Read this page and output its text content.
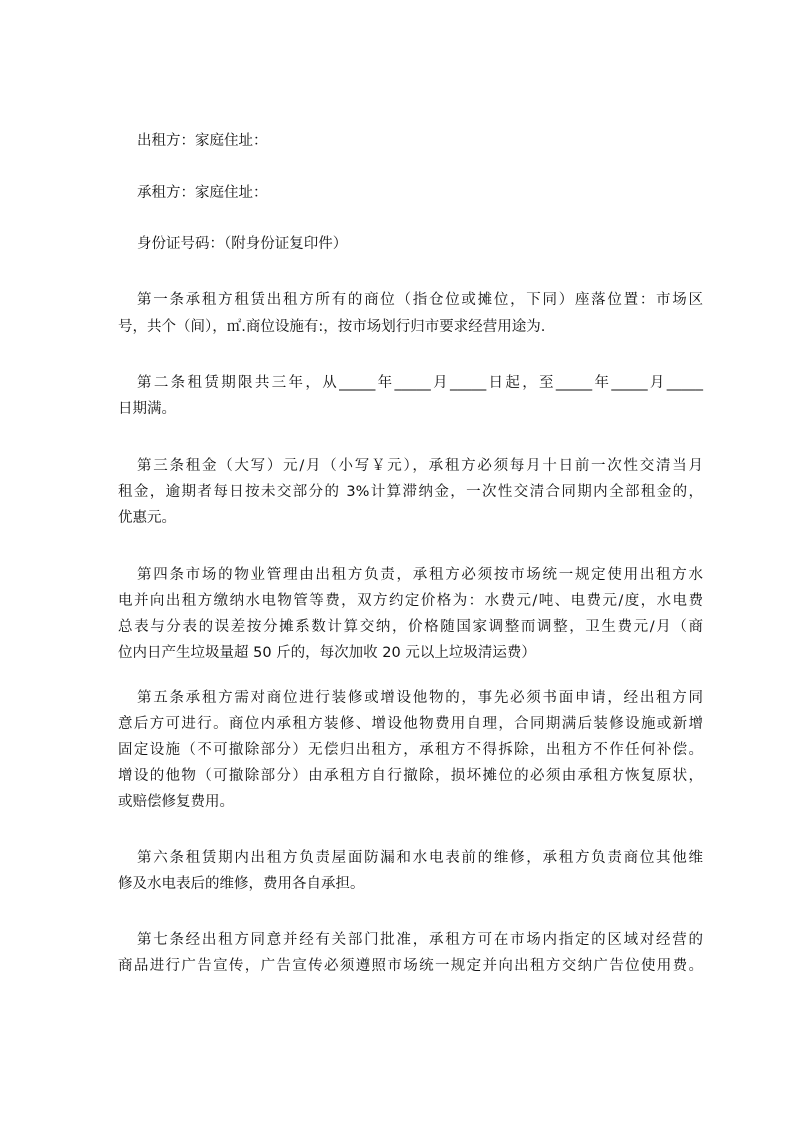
出租方：家庭住址：
承租方：家庭住址：
身份证号码：（附身份证复印件）
第一条承租方租赁出租方所有的商位（指仓位或摊位，下同）座落位置：市场区
号，共个（间），㎡.商位设施有:，按市场划行归市要求经营用途为.
第二条租赁期限共三年，从_____年_____月_____日起，至_____年_____月_____
日期满。
第三条租金（大写）元/月（小写￥元），承租方必须每月十日前一次性交清当月
租金，逾期者每日按未交部分的 3%计算滞纳金，一次性交清合同期内全部租金的，
优惠元。
第四条市场的物业管理由出租方负责，承租方必须按市场统一规定使用出租方水
电并向出租方缴纳水电物管等费，双方约定价格为：水费元/吨、电费元/度，水电费
总表与分表的误差按分摊系数计算交纳，价格随国家调整而调整，卫生费元/月（商
位内日产生垃圾量超 50 斤的，每次加收 20 元以上垃圾清运费）
第五条承租方需对商位进行装修或增设他物的，事先必须书面申请，经出租方同
意后方可进行。商位内承租方装修、增设他物费用自理，合同期满后装修设施或新增
固定设施（不可撤除部分）无偿归出租方，承租方不得拆除，出租方不作任何补偿。
增设的他物（可撤除部分）由承租方自行撤除，损坏摊位的必须由承租方恢复原状，
或赔偿修复费用。
第六条租赁期内出租方负责屋面防漏和水电表前的维修，承租方负责商位其他维
修及水电表后的维修，费用各自承担。
第七条经出租方同意并经有关部门批准，承租方可在市场内指定的区域对经营的
商品进行广告宣传，广告宣传必须遵照市场统一规定并向出租方交纳广告位使用费。
